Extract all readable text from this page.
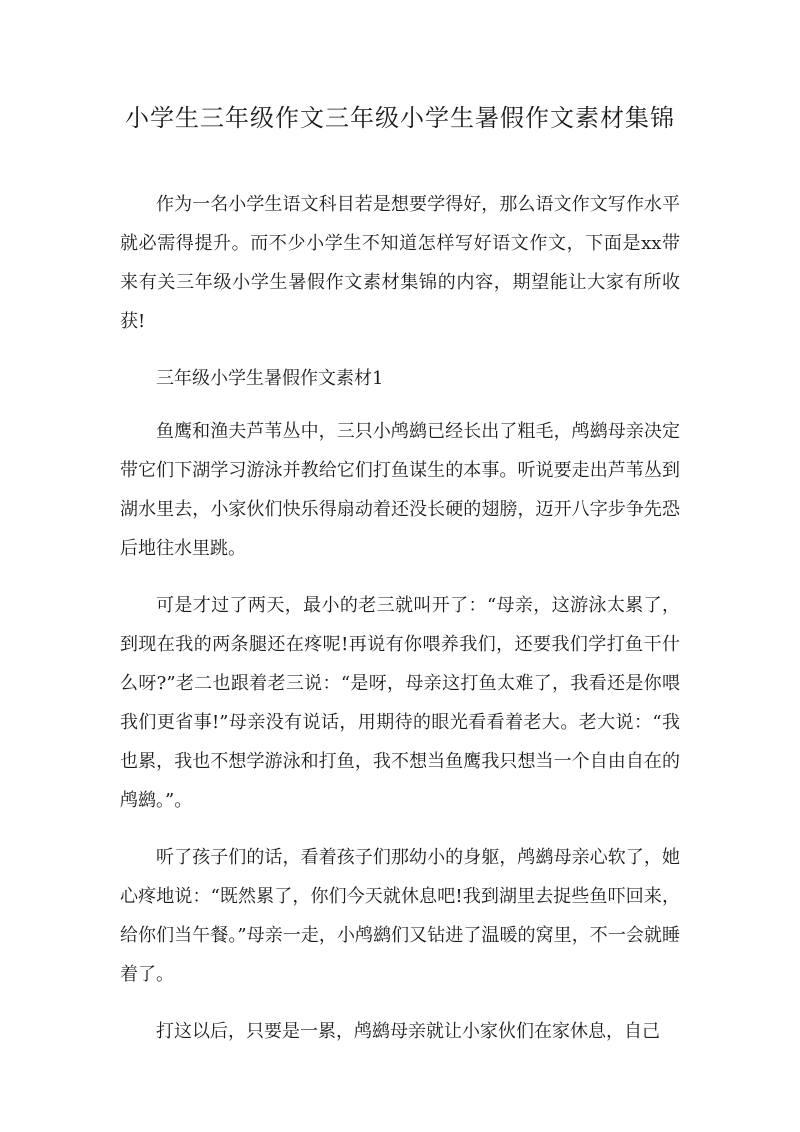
小学生三年级作文三年级小学生暑假作文素材集锦

作为一名小学生语文科目若是想要学得好，那么语文作文写作水平就必需得提升。而不少小学生不知道怎样写好语文作文，下面是xx带来有关三年级小学生暑假作文素材集锦的内容，期望能让大家有所收获!

三年级小学生暑假作文素材1

鱼鹰和渔夫芦苇丛中，三只小鸬鹚已经长出了粗毛，鸬鹚母亲决定带它们下湖学习游泳并教给它们打鱼谋生的本事。听说要走出芦苇丛到湖水里去，小家伙们快乐得扇动着还没长硬的翅膀，迈开八字步争先恐后地往水里跳。

可是才过了两天，最小的老三就叫开了：“母亲，这游泳太累了，到现在我的两条腿还在疼呢!再说有你喂养我们，还要我们学打鱼干什么呀?”老二也跟着老三说：“是呀，母亲这打鱼太难了，我看还是你喂我们更省事!”母亲没有说话，用期待的眼光看看着老大。老大说：“我也累，我也不想学游泳和打鱼，我不想当鱼鹰我只想当一个自由自在的鸬鹚。”。

听了孩子们的话，看着孩子们那幼小的身躯，鸬鹚母亲心软了，她心疼地说：“既然累了，你们今天就休息吧!我到湖里去捉些鱼吓回来，给你们当午餐。”母亲一走，小鸬鹚们又钻进了温暖的窝里，不一会就睡着了。

打这以后，只要是一累，鸬鹚母亲就让小家伙们在家休息，自己
